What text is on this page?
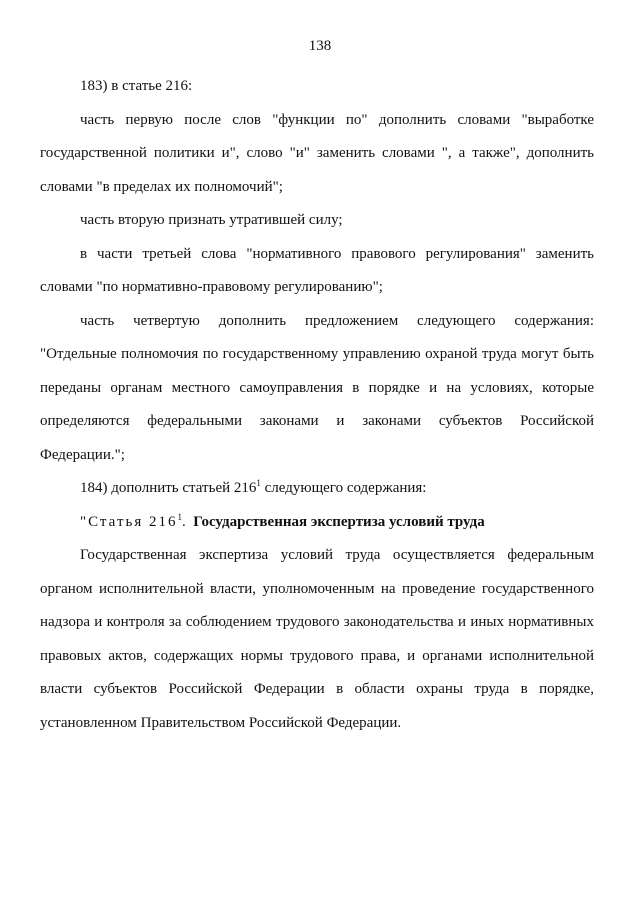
138

183) в статье 216:

часть первую после слов "функции по" дополнить словами "выработке государственной политики и", слово "и" заменить словами ", а также", дополнить словами "в пределах их полномочий";

часть вторую признать утратившей силу;

в части третьей слова "нормативного правового регулирования" заменить словами "по нормативно-правовому регулированию";

часть четвертую дополнить предложением следующего содержания: "Отдельные полномочия по государственному управлению охраной труда могут быть переданы органам местного самоуправления в порядке и на условиях, которые определяются федеральными законами и законами субъектов Российской Федерации.";

184) дополнить статьей $216^1$ следующего содержания:

"Статья $216^1$. Государственная экспертиза условий труда

Государственная экспертиза условий труда осуществляется федеральным органом исполнительной власти, уполномоченным на проведение государственного надзора и контроля за соблюдением трудового законодательства и иных нормативных правовых актов, содержащих нормы трудового права, и органами исполнительной власти субъектов Российской Федерации в области охраны труда в порядке, установленном Правительством Российской Федерации.
